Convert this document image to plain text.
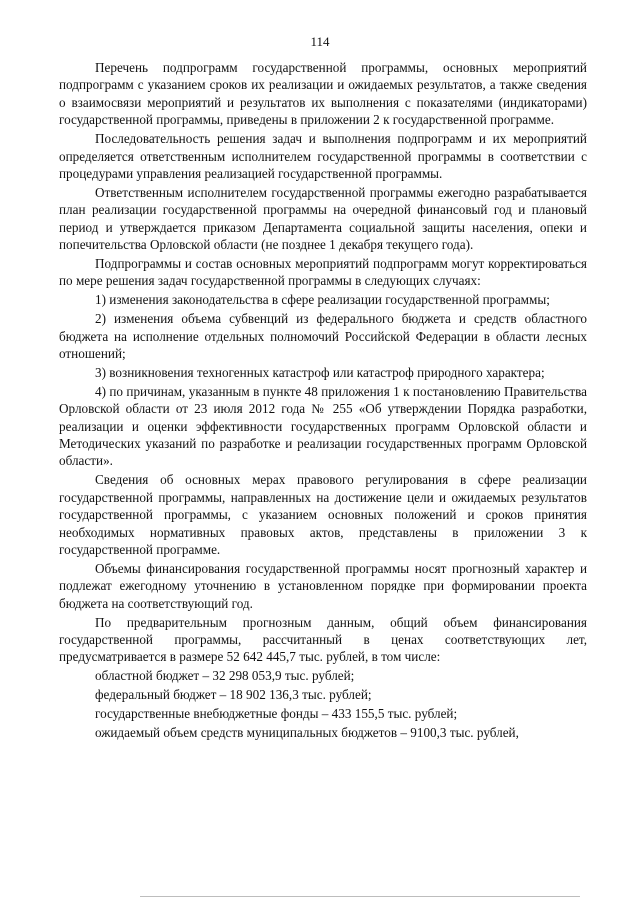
114

Перечень подпрограмм государственной программы, основных мероприятий подпрограмм с указанием сроков их реализации и ожидаемых результатов, а также сведения о взаимосвязи мероприятий и результатов их выполнения с показателями (индикаторами) государственной программы, приведены в приложении 2 к государственной программе.

Последовательность решения задач и выполнения подпрограмм и их мероприятий определяется ответственным исполнителем государственной программы в соответствии с процедурами управления реализацией государственной программы.

Ответственным исполнителем государственной программы ежегодно разрабатывается план реализации государственной программы на очередной финансовый год и плановый период и утверждается приказом Департамента социальной защиты населения, опеки и попечительства Орловской области (не позднее 1 декабря текущего года).

Подпрограммы и состав основных мероприятий подпрограмм могут корректироваться по мере решения задач государственной программы в следующих случаях:

1) изменения законодательства в сфере реализации государственной программы;

2) изменения объема субвенций из федерального бюджета и средств областного бюджета на исполнение отдельных полномочий Российской Федерации в области лесных отношений;

3) возникновения техногенных катастроф или катастроф природного характера;

4) по причинам, указанным в пункте 48 приложения 1 к постановлению Правительства Орловской области от 23 июля 2012 года № 255 «Об утверждении Порядка разработки, реализации и оценки эффективности государственных программ Орловской области и Методических указаний по разработке и реализации государственных программ Орловской области».

Сведения об основных мерах правового регулирования в сфере реализации государственной программы, направленных на достижение цели и ожидаемых результатов государственной программы, с указанием основных положений и сроков принятия необходимых нормативных правовых актов, представлены в приложении 3 к государственной программе.

Объемы финансирования государственной программы носят прогнозный характер и подлежат ежегодному уточнению в установленном порядке при формировании проекта бюджета на соответствующий год.

По предварительным прогнозным данным, общий объем финансирования государственной программы, рассчитанный в ценах соответствующих лет, предусматривается в размере 52 642 445,7 тыс. рублей, в том числе:

областной бюджет – 32 298 053,9 тыс. рублей;

федеральный бюджет – 18 902 136,3 тыс. рублей;

государственные внебюджетные фонды – 433 155,5 тыс. рублей;

ожидаемый объем средств муниципальных бюджетов – 9100,3 тыс. рублей,
